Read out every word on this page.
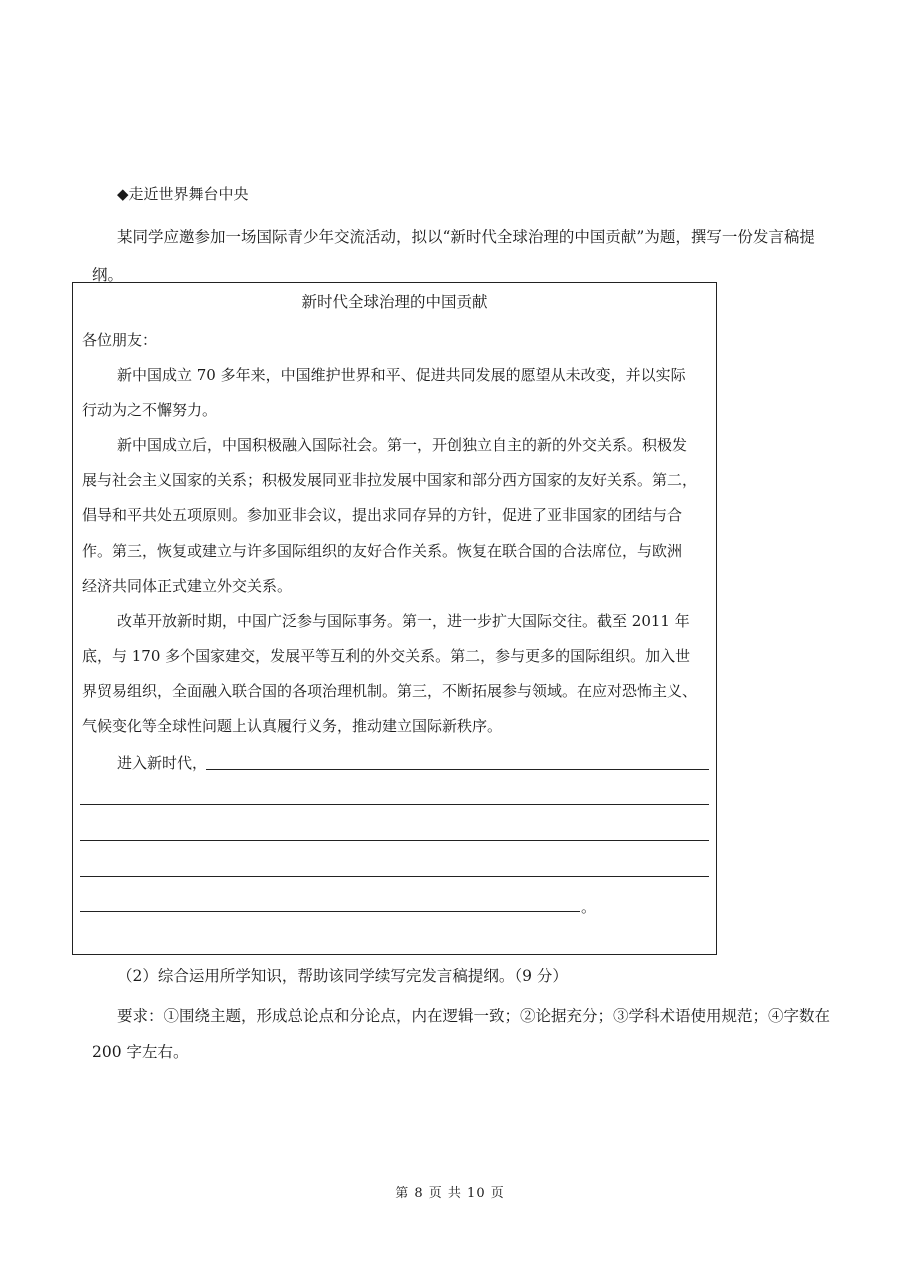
◆走近世界舞台中央
某同学应邀参加一场国际青少年交流活动，拟以“新时代全球治理的中国贡献”为题，撰写一份发言稿提纲。
新时代全球治理的中国贡献
各位朋友：
新中国成立 70 多年来，中国维护世界和平、促进共同发展的愿望从未改变，并以实际
行动为之不懈努力。
新中国成立后，中国积极融入国际社会。第一，开创独立自主的新的外交关系。积极发
展与社会主义国家的关系；积极发展同亚非拉发展中国家和部分西方国家的友好关系。第二，
倡导和平共处五项原则。参加亚非会议，提出求同存异的方针，促进了亚非国家的团结与合
作。第三，恢复或建立与许多国际组织的友好合作关系。恢复在联合国的合法席位，与欧洲
经济共同体正式建立外交关系。
改革开放新时期，中国广泛参与国际事务。第一，进一步扩大国际交往。截至 2011 年
底，与 170 多个国家建交，发展平等互利的外交关系。第二，参与更多的国际组织。加入世
界贸易组织，全面融入联合国的各项治理机制。第三，不断拓展参与领域。在应对恐怖主义、
气候变化等全球性问题上认真履行义务，推动建立国际新秩序。
进入新时代，
。
（2）综合运用所学知识，帮助该同学续写完发言稿提纲。（9 分）
要求：①围绕主题，形成总论点和分论点，内在逻辑一致；②论据充分；③学科术语使用规范；④字数在 200 字左右。
第 8 页 共 10 页
